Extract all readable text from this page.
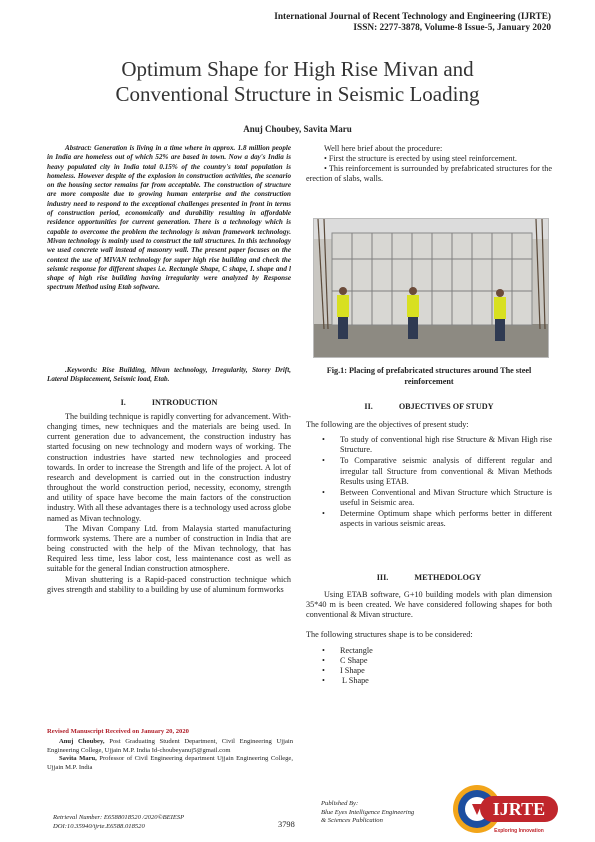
International Journal of Recent Technology and Engineering (IJRTE)
ISSN: 2277-3878, Volume-8 Issue-5, January 2020
Optimum Shape for High Rise Mivan and
Conventional Structure in Seismic Loading
Anuj Choubey, Savita Maru
Abstract: Generation is living in a time where in approx. 1.8 million people in India are homeless out of which 52% are based in town. Now a day's India is heavy populated city in India total 0.15% of the country's total population is homeless. However despite of the explosion in construction activities, the scenario on the housing sector remains far from acceptable. The construction of structure are more composite due to growing human enterprise and the construction industry need to respond to the exceptional challenges presented in front in terms of construction period, economically and durability resulting in affordable residence opportunities for current generation. There is a technology which is capable to overcome the problem the technology is mivan framework technology. Mivan technology is mainly used to construct the tall structures. In this technology we used concrete wall instead of masonry wall. The present paper focuses on the context the use of MIVAN technology for super high rise building and check the seismic response for different shapes i.e. Rectangle Shape, C shape, I. shape and l shape of high rise building having irregularity were analyzed by Response spectrum Method using Etab software.
.Keywords: Rise Building, Mivan technology, Irregularity, Storey Drift, Lateral Displacement, Seismic load, Etab.
I.	INTRODUCTION

The building technique is rapidly converting for advancement. With-changing times, new techniques and the materials are being used. In current generation due to advancement, the construction industry has started focusing on new technology and modern ways of working. The construction industries have started new technologies and proceed towards. In order to increase the Strength and life of the project. A lot of research and development is carried out in the construction industry throughout the world construction period, necessity, economy, strength and utility of space have become the main factors of the construction industry. With all these advantages there is a technology used across globe named as Mivan technology.

The Mivan Company Ltd. from Malaysia started manufacturing formwork systems. There are a number of construction in India that are being constructed with the help of the Mivan technology, that has Required less time, less labor cost, less maintenance cost as well as suitable for the general Indian construction atmosphere.

Mivan shuttering is a Rapid-paced construction technique which gives strength and stability to a building by use of aluminum formworks

Well here brief about the procedure:

• First the structure is erected by using steel reinforcement.

• This reinforcement is surrounded by prefabricated structures for the erection of slabs, walls.

Fig.1: Placing of prefabricated structures around The steel reinforcement
II.	OBJECTIVES OF STUDY

The following are the objectives of present study:

• To study of conventional high rise Structure & Mivan High rise Structure.
• To Comparative seismic analysis of different regular and irregular tall Structure from conventional & Mivan Methods Results using ETAB.
• Between Conventional and Mivan Structure which Structure is useful in Seismic area.
• Determine Optimum shape which performs better in different aspects in various seismic areas.
III.	METHEDOLOGY

Using ETAB software, G+10 building models with plan dimension 35*40 m is been created. We have considered following shapes for both conventional & Mivan structure.

The following structures shape is to be considered:

• Rectangle
• C Shape
• I Shape
•  L Shape
Revised Manuscript Received on January 20, 2020

Anuj Choubey, Post Graduating Student Department, Civil Engineering Ujjain Engineering College, Ujjain M.P. India Id-choubeyanuj5@gmail.com

Savita Maru, Professor of Civil Engineering department Ujjain Engineering College, Ujjain M.P. India

Retrieval Number: E6588018520 /2020©BEIESP
DOI:10.35940/ijrte.E6588.018520	3798
Published By:
Blue Eyes Intelligence Engineering
& Sciences Publication
IJRTE
Exploring Innovation
